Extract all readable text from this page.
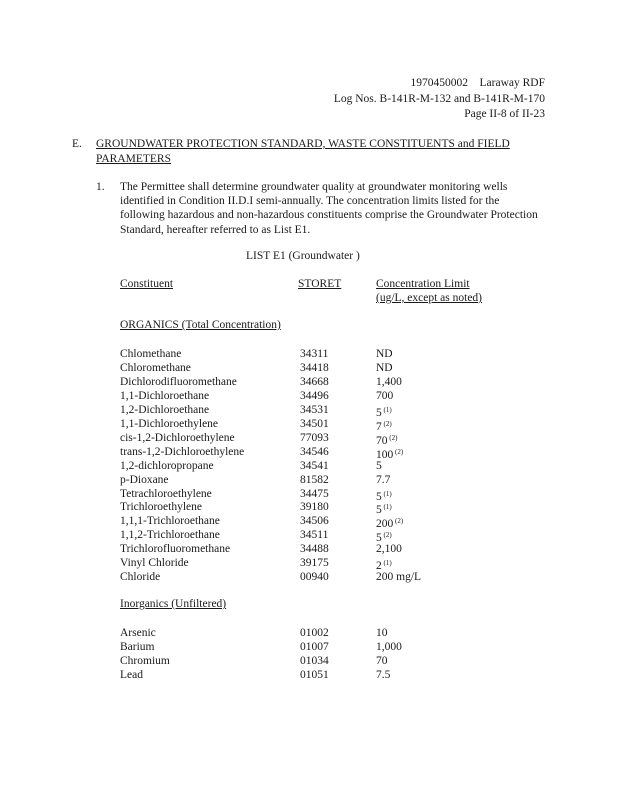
1970450002    Laraway RDF
Log Nos. B-141R-M-132 and B-141R-M-170
Page II-8 of II-23
E. GROUNDWATER PROTECTION STANDARD, WASTE CONSTITUENTS and FIELD PARAMETERS
1. The Permittee shall determine groundwater quality at groundwater monitoring wells identified in Condition II.D.I semi-annually. The concentration limits listed for the following hazardous and non-hazardous constituents comprise the Groundwater Protection Standard, hereafter referred to as List E1.
LIST E1 (Groundwater )
Constituent	STORET	Concentration Limit
(ug/L, except as noted)
ORGANICS (Total Concentration)
Chlomethane	34311	ND
Chloromethane	34418	ND
Dichlorodifluoromethane	34668	1,400
1,1-Dichloroethane	34496	700
1,2-Dichloroethane	34531	5 $^{(1)}$
1,1-Dichloroethylene	34501	7 $^{(2)}$
cis-1,2-Dichloroethylene	77093	70 $^{(2)}$
trans-1,2-Dichloroethylene	34546	100 $^{(2)}$
1,2-dichloropropane	34541	5
p-Dioxane	81582	7.7
Tetrachloroethylene	34475	5 $^{(1)}$
Trichloroethylene	39180	5 $^{(1)}$
1,1,1-Trichloroethane	34506	200 $^{(2)}$
1,1,2-Trichloroethane	34511	5 $^{(2)}$
Trichlorofluoromethane	34488	2,100
Vinyl Chloride	39175	2 $^{(1)}$
Chloride	00940	200 mg/L
Inorganics (Unfiltered)
Arsenic	01002	10
Barium	01007	1,000
Chromium	01034	70
Lead	01051	7.5
